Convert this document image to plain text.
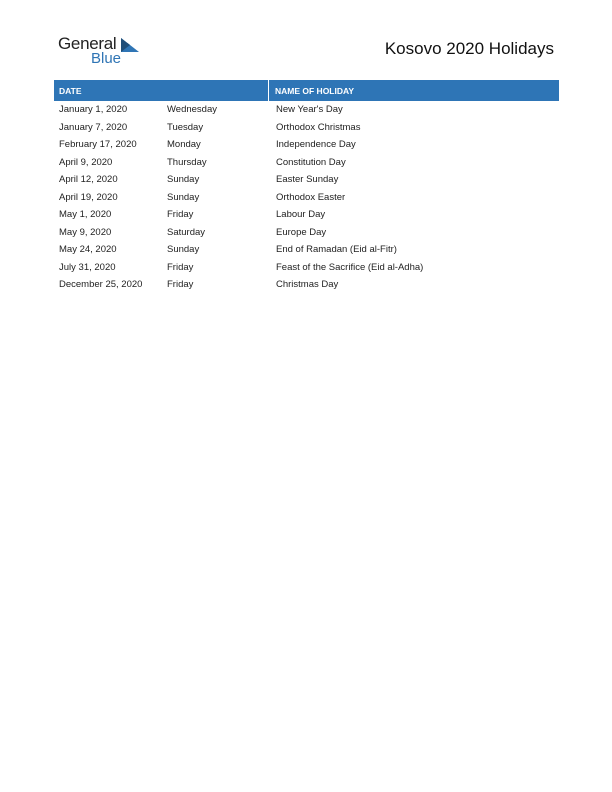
General
Blue
Kosovo 2020 Holidays
DATE	NAME OF HOLIDAY
January 1, 2020	Wednesday	New Year's Day
January 7, 2020	Tuesday	Orthodox Christmas
February 17, 2020	Monday	Independence Day
April 9, 2020	Thursday	Constitution Day
April 12, 2020	Sunday	Easter Sunday
April 19, 2020	Sunday	Orthodox Easter
May 1, 2020	Friday	Labour Day
May 9, 2020	Saturday	Europe Day
May 24, 2020	Sunday	End of Ramadan (Eid al-Fitr)
July 31, 2020	Friday	Feast of the Sacrifice (Eid al-Adha)
December 25, 2020	Friday	Christmas Day
